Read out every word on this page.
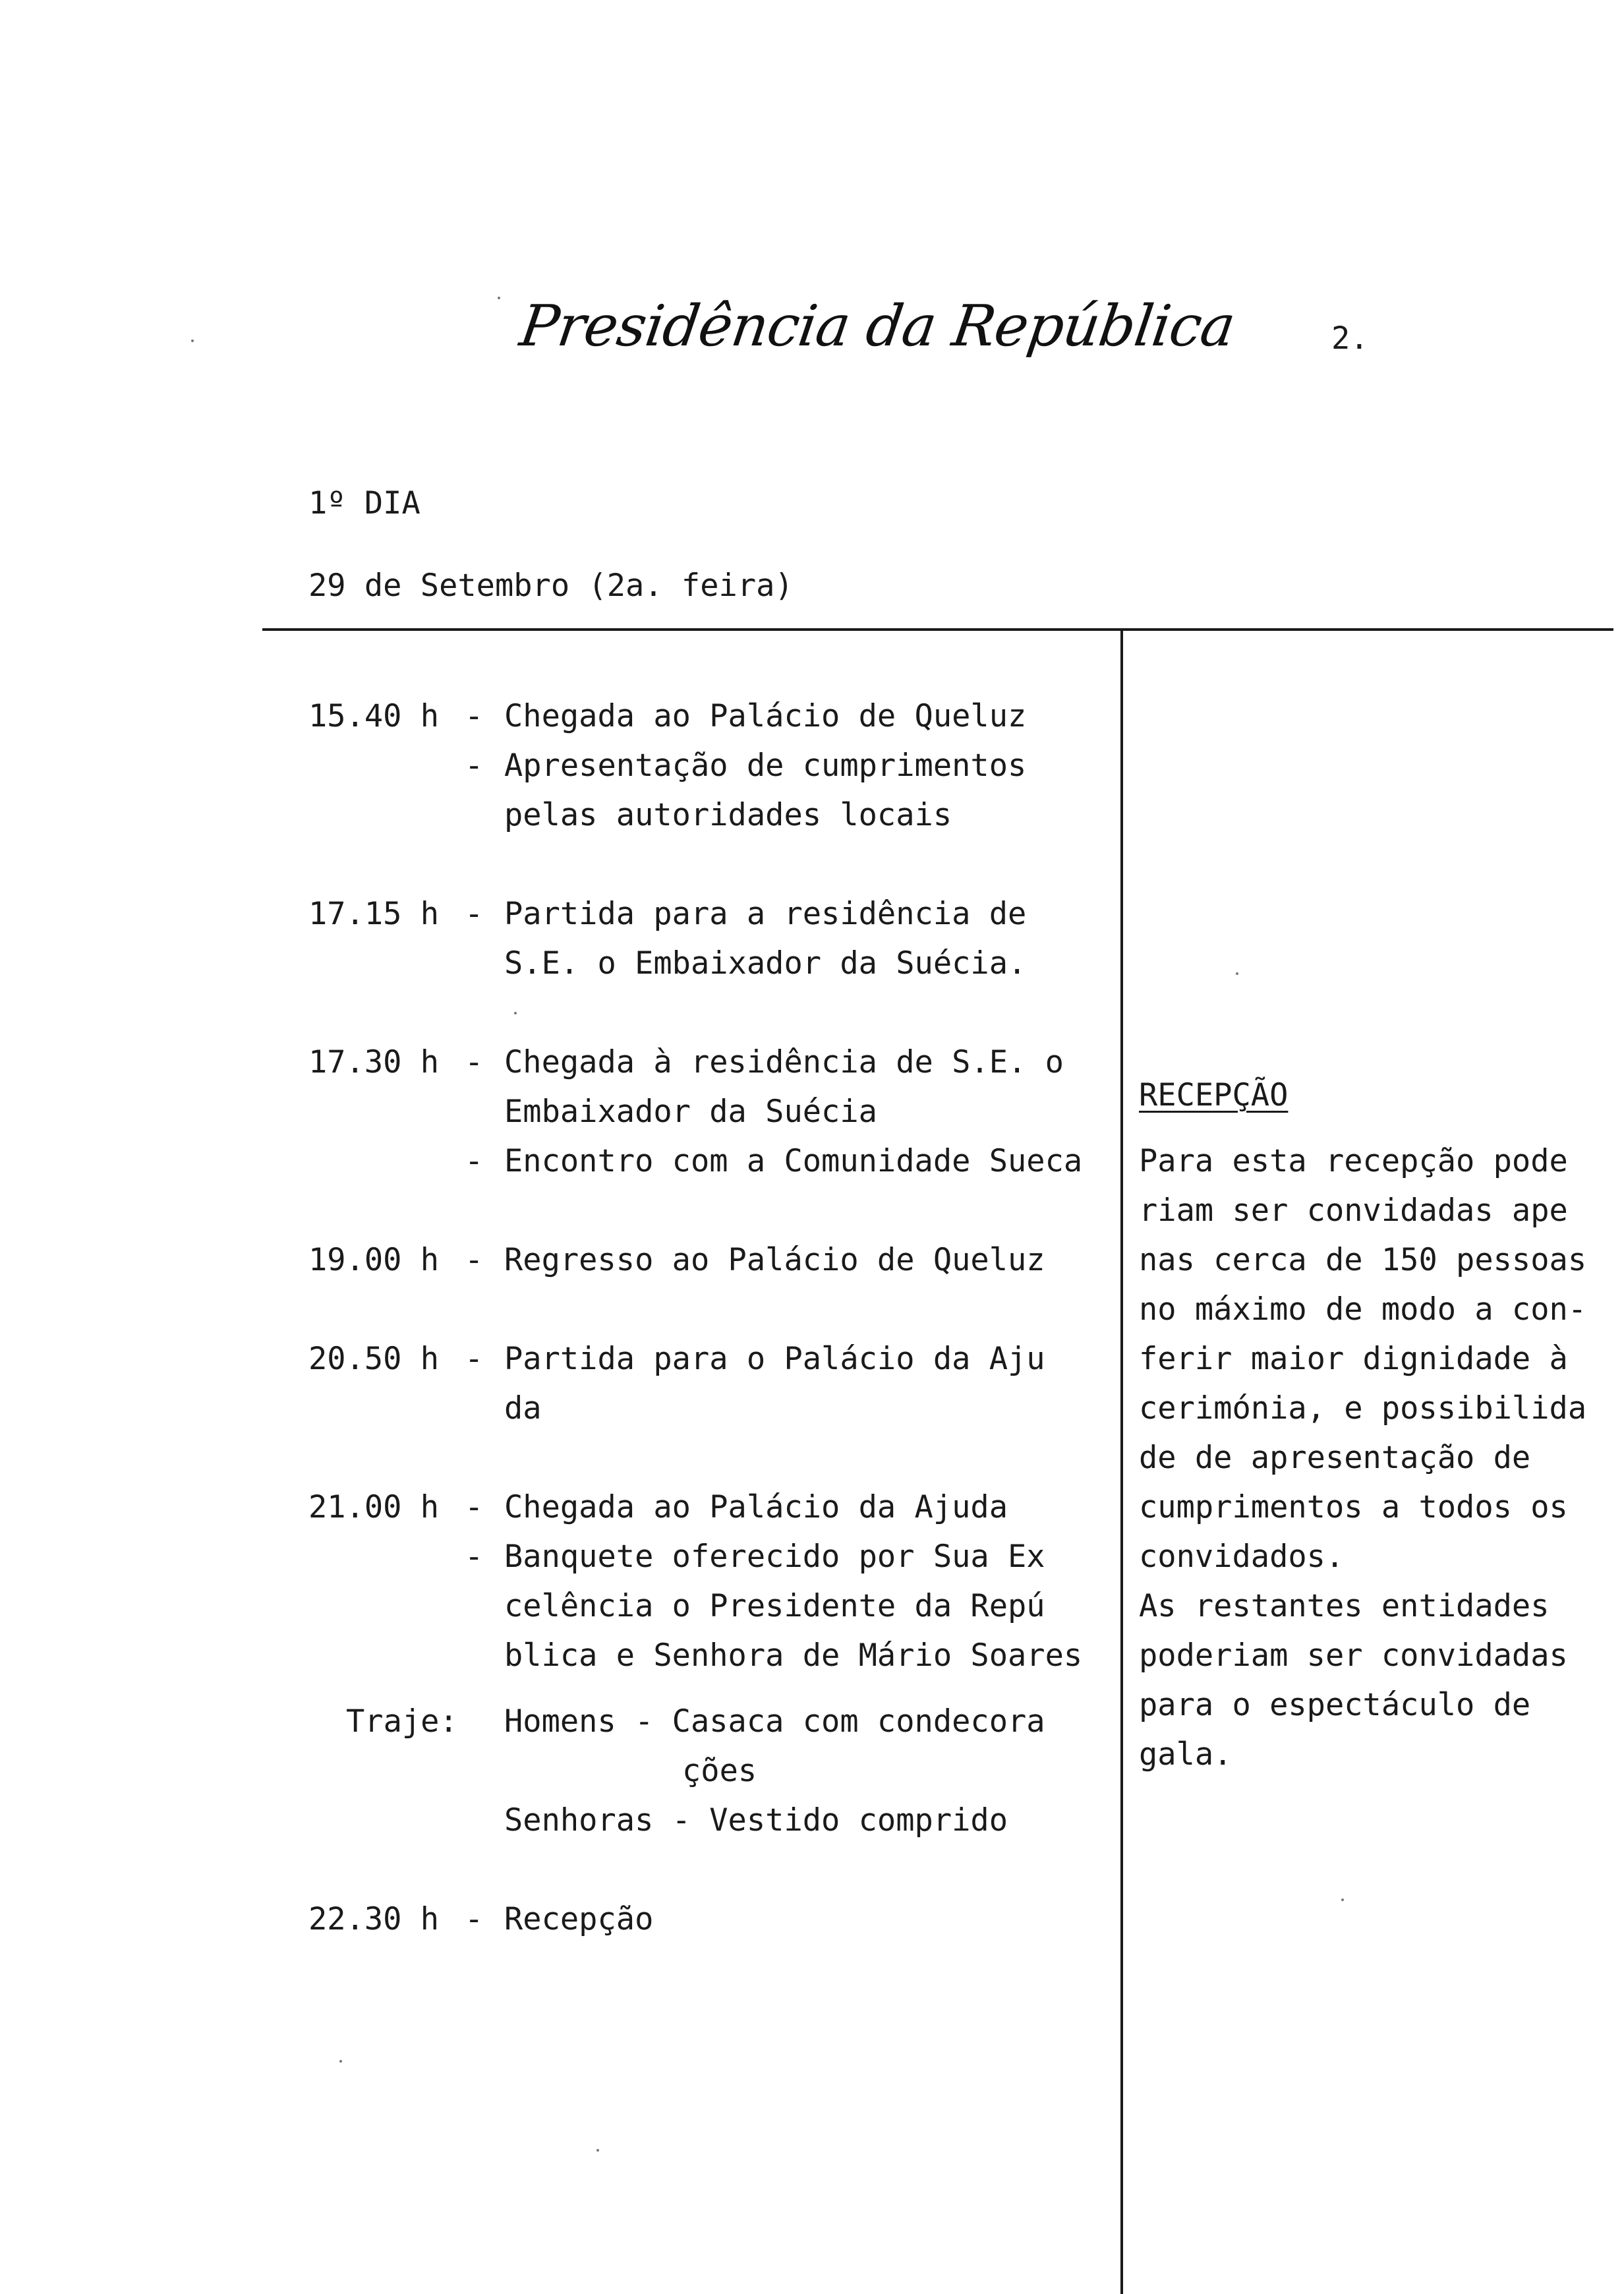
Presidência da República	2.
1º DIA
29 de Setembro (2a. feira)
15.40 h - Chegada ao Palácio de Queluz
- Apresentação de cumprimentos
pelas autoridades locais
17.15 h - Partida para a residência de
S.E. o Embaixador da Suécia.
17.30 h - Chegada à residência de S.E. o
Embaixador da Suécia
- Encontro com a Comunidade Sueca
19.00 h - Regresso ao Palácio de Queluz
20.50 h - Partida para o Palácio da Aju
da
21.00 h - Chegada ao Palácio da Ajuda
- Banquete oferecido por Sua Ex
celência o Presidente da Repú
blica e Senhora de Mário Soares
Traje: Homens - Casaca com condecora
ções
Senhoras - Vestido comprido
22.30 h - Recepção
RECEPÇÃO
Para esta recepção pode
riam ser convidadas ape
nas cerca de 150 pessoas
no máximo de modo a con-
ferir maior dignidade à
cerimónia, e possibilida
de de apresentação de
cumprimentos a todos os
convidados.
As restantes entidades
poderiam ser convidadas
para o espectáculo de
gala.
